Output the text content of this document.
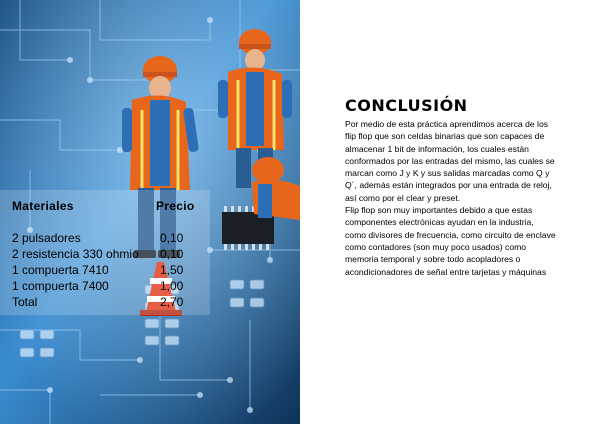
Materiales	Precio
2 pulsadores	0,10
2 resistencia 330 ohmio 0,10
1 compuerta 7410	1,50
1 compuerta 7400	1,00
Total	2,70
CONCLUSIÓN

Por medio de esta práctica aprendimos acerca de los flip flop que son celdas binarias que son capaces de almacenar 1 bit de información, los cuales están conformados por las entradas del mismo, las cuales se marcan como J y K y sus salidas marcadas como Q y Q´, además están integrados por una entrada de reloj, así como por el clear y preset.

Flip flop son muy importantes debido a que estas componentes electrónicas ayudan en la industria, como divisores de frecuencia, como circuito de enclave como contadores (son muy poco usados) como memoria temporal y sobre todo acopladores o acondicionadores de señal entre tarjetas y máquinas
